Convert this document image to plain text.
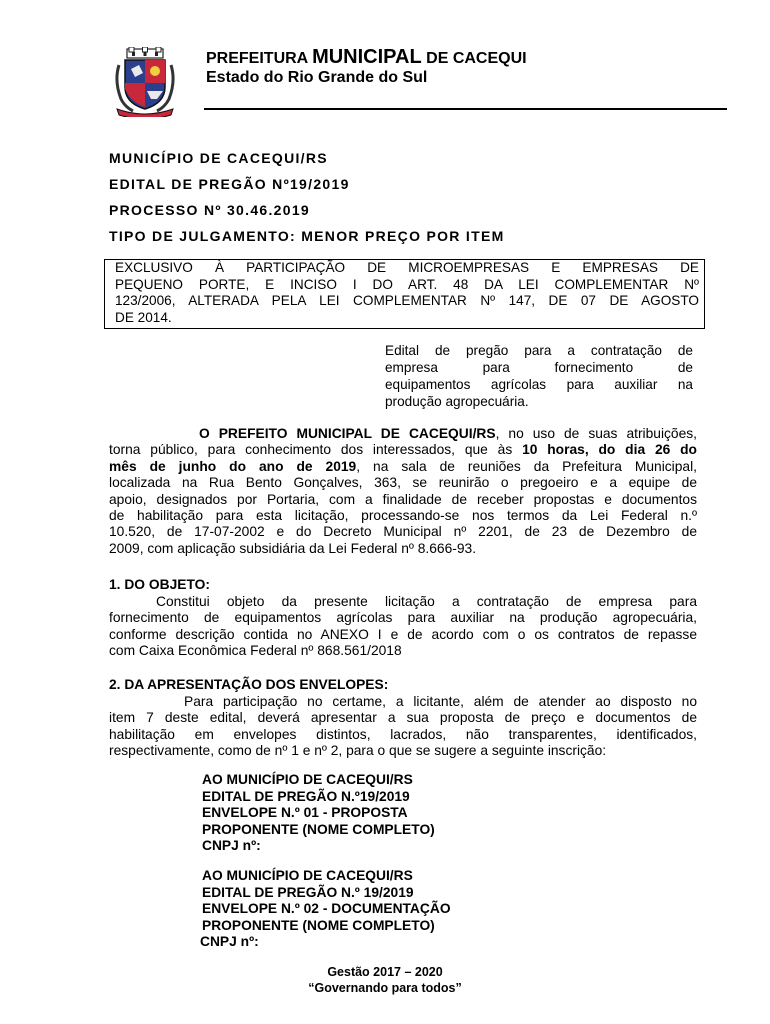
PREFEITURA MUNICIPAL DE CACEQUI
Estado do Rio Grande do Sul
MUNICÍPIO DE CACEQUI/RS
EDITAL DE PREGÃO Nº19/2019
PROCESSO Nº 30.46.2019
TIPO DE JULGAMENTO: MENOR PREÇO POR ITEM
EXCLUSIVO À PARTICIPAÇÃO DE MICROEMPRESAS E EMPRESAS DE
PEQUENO PORTE, E INCISO I DO ART. 48 DA LEI COMPLEMENTAR Nº
123/2006, ALTERADA PELA LEI COMPLEMENTAR Nº 147, DE 07 DE AGOSTO
DE 2014.
Edital de pregão para a contratação de
empresa para fornecimento de
equipamentos agrícolas para auxiliar na
produção agropecuária.
O PREFEITO MUNICIPAL DE CACEQUI/RS, no uso de suas atribuições,
torna público, para conhecimento dos interessados, que às 10 horas, do dia 26 do
mês de junho do ano de 2019, na sala de reuniões da Prefeitura Municipal,
localizada na Rua Bento Gonçalves, 363, se reunirão o pregoeiro e a equipe de
apoio, designados por Portaria, com a finalidade de receber propostas e documentos
de habilitação para esta licitação, processando-se nos termos da Lei Federal n.º
10.520, de 17-07-2002 e do Decreto Municipal nº 2201, de 23 de Dezembro de
2009, com aplicação subsidiária da Lei Federal nº 8.666-93.
1. DO OBJETO:
Constitui objeto da presente licitação a contratação de empresa para
fornecimento de equipamentos agrícolas para auxiliar na produção agropecuária,
conforme descrição contida no ANEXO I e de acordo com o os contratos de repasse
com Caixa Econômica Federal nº 868.561/2018
2. DA APRESENTAÇÃO DOS ENVELOPES:
Para participação no certame, a licitante, além de atender ao disposto no
item 7 deste edital, deverá apresentar a sua proposta de preço e documentos de
habilitação em envelopes distintos, lacrados, não transparentes, identificados,
respectivamente, como de nº 1 e nº 2, para o que se sugere a seguinte inscrição:
AO MUNICÍPIO DE CACEQUI/RS
EDITAL DE PREGÃO N.º19/2019
ENVELOPE N.º 01 - PROPOSTA
PROPONENTE (NOME COMPLETO)
CNPJ nº:
AO MUNICÍPIO DE CACEQUI/RS
EDITAL DE PREGÃO N.º 19/2019
ENVELOPE N.º 02 - DOCUMENTAÇÃO
PROPONENTE (NOME COMPLETO)
CNPJ nº:
Gestão 2017 – 2020
“Governando para todos”
